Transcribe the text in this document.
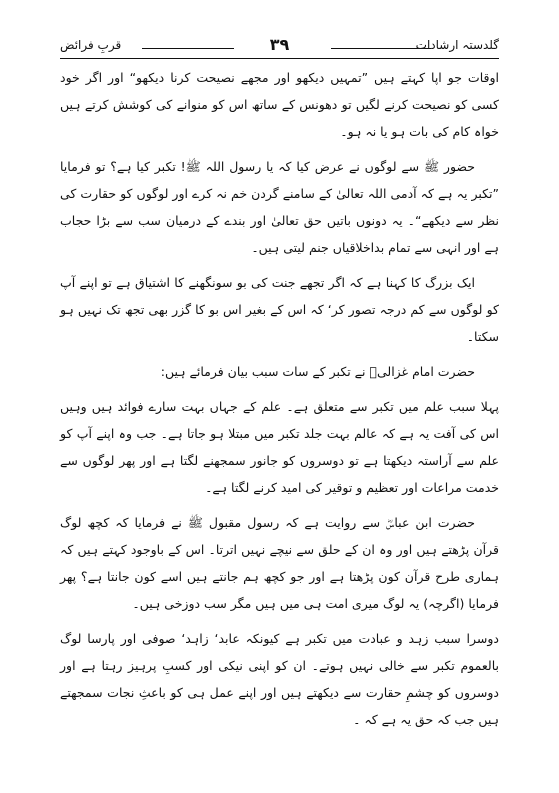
گلدستہ ارشادات
۳۹
قربِ فرائض

اوقات جو اپا کہتے ہیں ”تمہیں دیکھو اور مجھے نصیحت کرنا دیکھو“ اور اگر خود کسی کو نصیحت کرنے لگیں تو دھونس کے ساتھ اس کو منوانے کی کوشش کرتے ہیں خواہ کام کی بات ہو یا نہ ہو۔

حضور ﷺ سے لوگوں نے عرض کیا کہ یا رسول اللہ ﷺ! تکبر کیا ہے؟ تو فرمایا ”تکبر یہ ہے کہ آدمی اللہ تعالیٰ کے سامنے گردن خم نہ کرے اور لوگوں کو حقارت کی نظر سے دیکھے“۔ یہ دونوں باتیں حق تعالیٰ اور بندے کے درمیان سب سے بڑا حجاب ہے اور انہی سے تمام بداخلاقیاں جنم لیتی ہیں۔

ایک بزرگ کا کہنا ہے کہ اگر تجھے جنت کی بو سونگھنے کا اشتیاق ہے تو اپنے آپ کو لوگوں سے کم درجہ تصور کر‘ کہ اس کے بغیر اس بو کا گزر بھی تجھ تک نہیں ہو سکتا۔

حضرت امام غزالیؒ نے تکبر کے سات سبب بیان فرمائے ہیں:

پہلا سبب علم میں تکبر سے متعلق ہے۔ علم کے جہاں بہت سارے فوائد ہیں وہیں اس کی آفت یہ ہے کہ عالم بہت جلد تکبر میں مبتلا ہو جاتا ہے۔ جب وہ اپنے آپ کو علم سے آراستہ دیکھتا ہے تو دوسروں کو جانور سمجھنے لگتا ہے اور پھر لوگوں سے خدمت مراعات اور تعظیم و توقیر کی امید کرنے لگتا ہے۔

حضرت ابن عباسؓ سے روایت ہے کہ رسول مقبول ﷺ نے فرمایا کہ کچھ لوگ قرآن پڑھتے ہیں اور وہ ان کے حلق سے نیچے نہیں اترتا۔ اس کے باوجود کہتے ہیں کہ ہماری طرح قرآن کون پڑھتا ہے اور جو کچھ ہم جانتے ہیں اسے کون جانتا ہے؟ پھر فرمایا (اگرچہ) یہ لوگ میری امت ہی میں ہیں مگر سب دوزخی ہیں۔

دوسرا سبب زہد و عبادت میں تکبر ہے کیونکہ عابد‘ زاہد‘ صوفی اور پارسا لوگ بالعموم تکبر سے خالی نہیں ہوتے۔ ان کو اپنی نیکی اور کسبِ پرہیز رہتا ہے اور دوسروں کو چشمِ حقارت سے دیکھتے ہیں اور اپنے عمل ہی کو باعثِ نجات سمجھتے ہیں جب کہ حق یہ ہے کہ ۔
